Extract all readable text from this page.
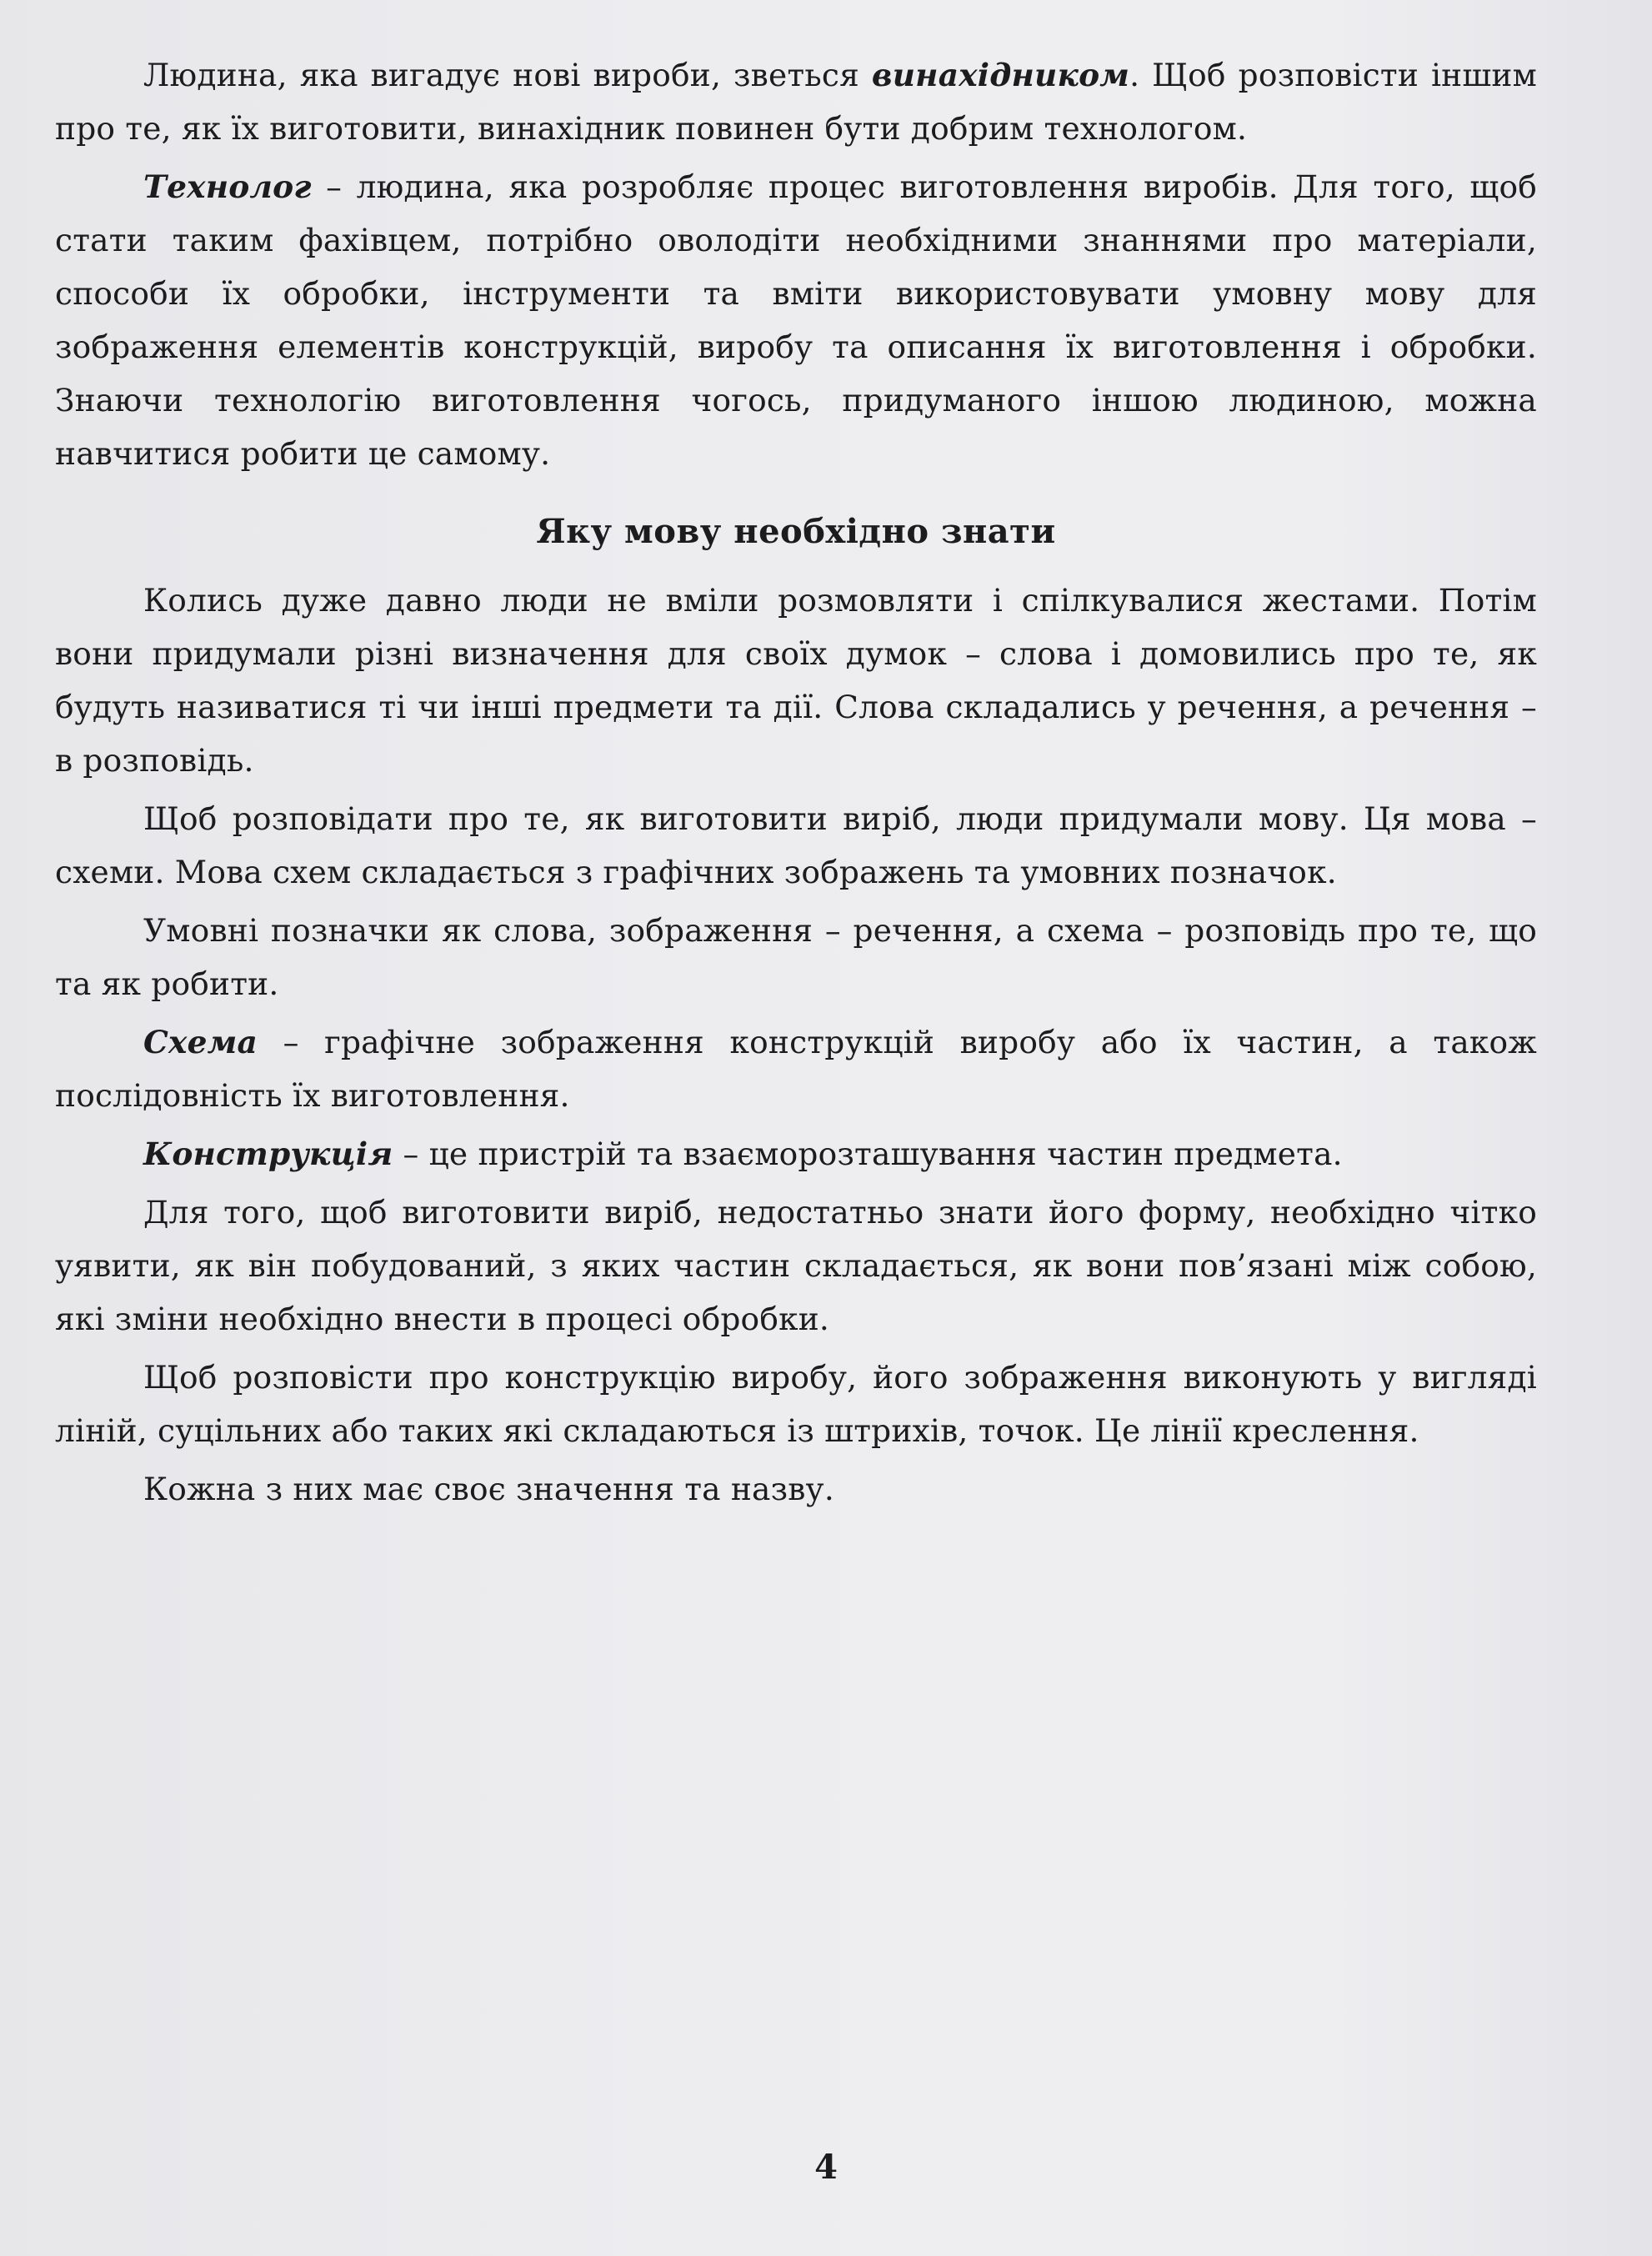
Людина, яка вигадує нові вироби, зветься винахідником. Щоб розповісти іншим про те, як їх виготовити, винахідник повинен бути добрим технологом.

Технолог – людина, яка розробляє процес виготовлення виробів. Для того, щоб стати таким фахівцем, потрібно оволодіти необхідними знаннями про матеріали, способи їх обробки, інструменти та вміти використовувати умовну мову для зображення елементів конструкцій, виробу та описання їх виготовлення і обробки. Знаючи технологію виготовлення чогось, придуманого іншою людиною, можна навчитися робити це самому.

Яку мову необхідно знати

Колись дуже давно люди не вміли розмовляти і спілкувалися жестами. Потім вони придумали різні визначення для своїх думок – слова і домовились про те, як будуть називатися ті чи інші предмети та дії. Слова складались у речення, а речення – в розповідь.

Щоб розповідати про те, як виготовити виріб, люди придумали мову. Ця мова – схеми. Мова схем складається з графічних зображень та умовних позначок.

Умовні позначки як слова, зображення – речення, а схема – розповідь про те, що та як робити.

Схема – графічне зображення конструкцій виробу або їх частин, а також послідовність їх виготовлення.

Конструкція – це пристрій та взаєморозташування частин предмета.

Для того, щоб виготовити виріб, недостатньо знати його форму, необхідно чітко уявити, як він побудований, з яких частин складається, як вони пов’язані між собою, які зміни необхідно внести в процесі обробки.

Щоб розповісти про конструкцію виробу, його зображення виконують у вигляді ліній, суцільних або таких які складаються із штрихів, точок. Це лінії креслення.

Кожна з них має своє значення та назву.

4
